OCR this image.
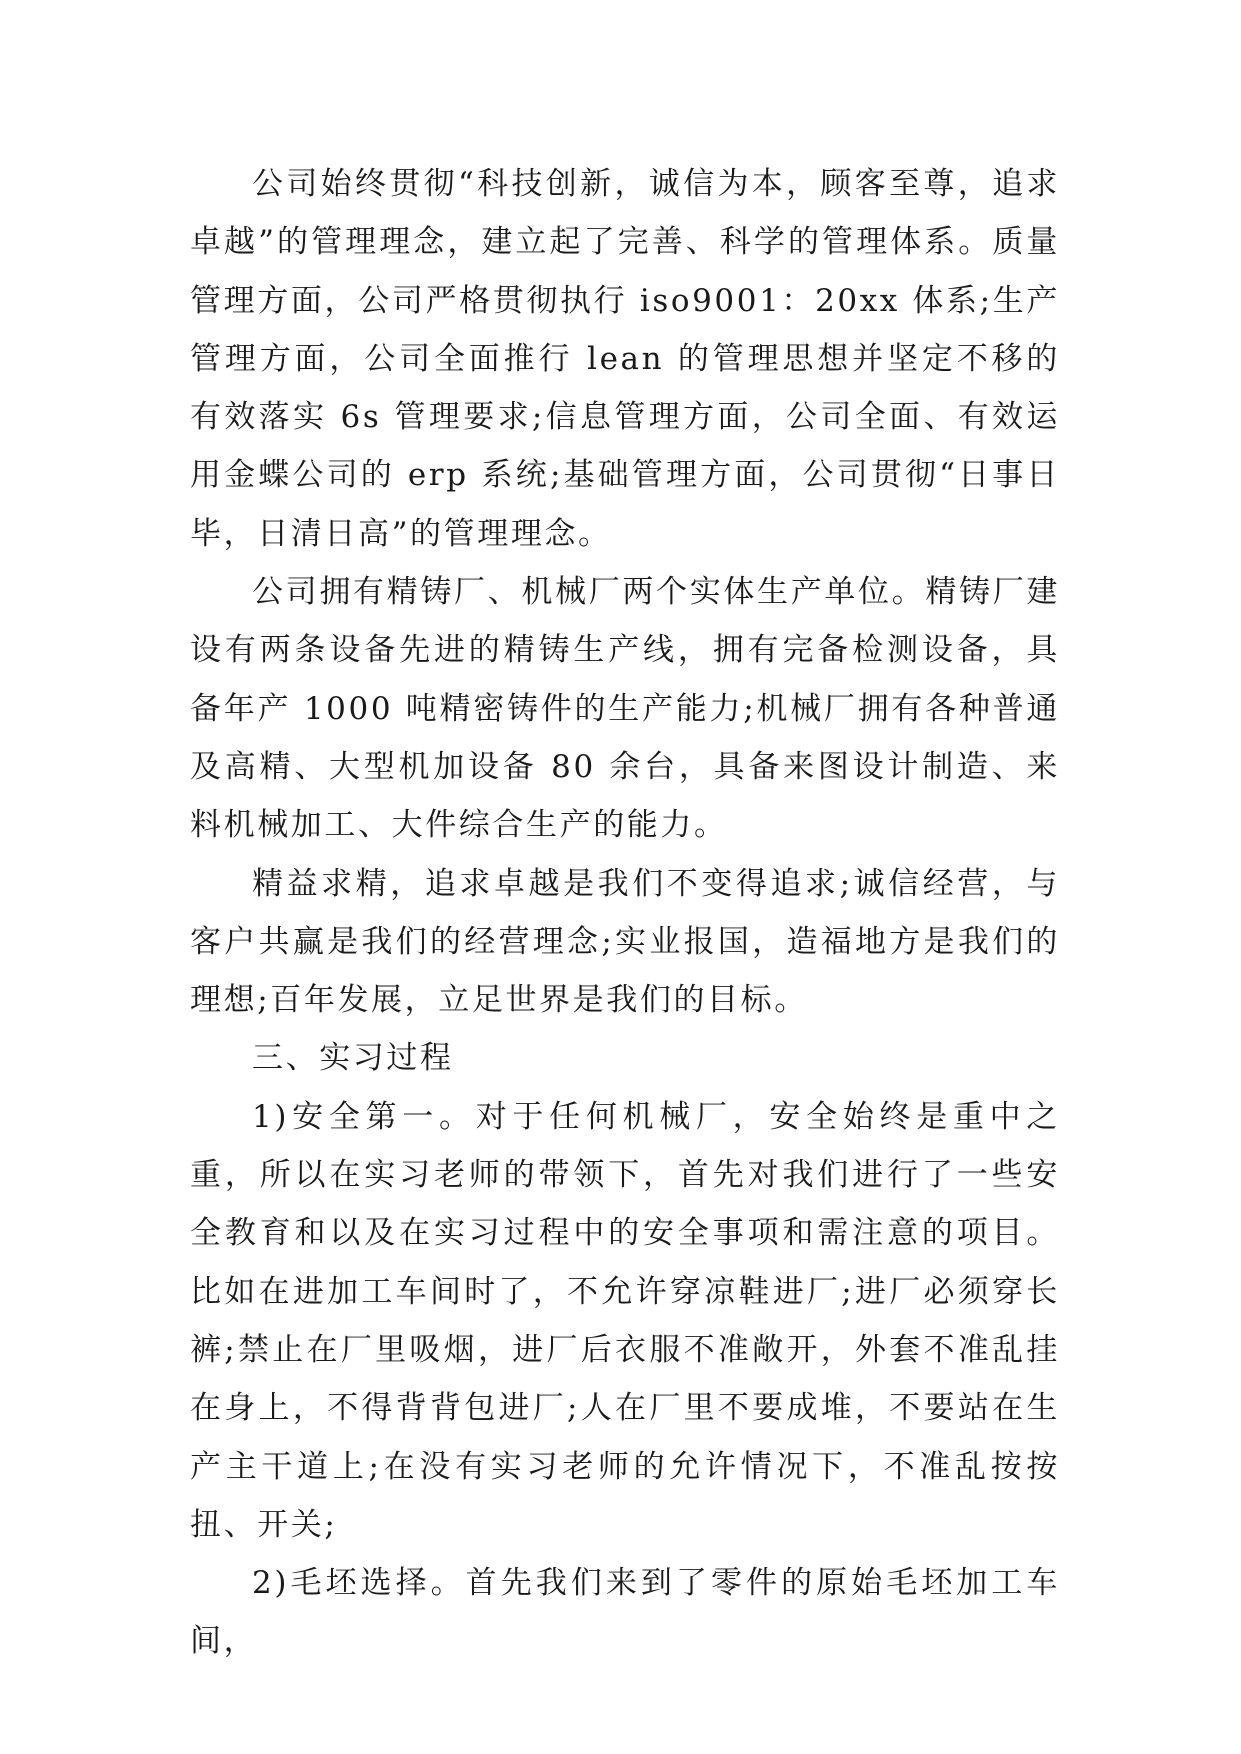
公司始终贯彻“科技创新，诚信为本，顾客至尊，追求卓越”的管理理念，建立起了完善、科学的管理体系。质量管理方面，公司严格贯彻执行 iso9001：20xx 体系;生产管理方面，公司全面推行 lean 的管理思想并坚定不移的有效落实 6s 管理要求;信息管理方面，公司全面、有效运用金蝶公司的 erp 系统;基础管理方面，公司贯彻“日事日毕，日清日高”的管理理念。

公司拥有精铸厂、机械厂两个实体生产单位。精铸厂建设有两条设备先进的精铸生产线，拥有完备检测设备，具备年产 1000 吨精密铸件的生产能力;机械厂拥有各种普通及高精、大型机加设备 80 余台，具备来图设计制造、来料机械加工、大件综合生产的能力。

精益求精，追求卓越是我们不变得追求;诚信经营，与客户共赢是我们的经营理念;实业报国，造福地方是我们的理想;百年发展，立足世界是我们的目标。

三、实习过程

1)安全第一。对于任何机械厂，安全始终是重中之重，所以在实习老师的带领下，首先对我们进行了一些安全教育和以及在实习过程中的安全事项和需注意的项目。比如在进加工车间时了，不允许穿凉鞋进厂;进厂必须穿长裤;禁止在厂里吸烟，进厂后衣服不准敞开，外套不准乱挂在身上，不得背背包进厂;人在厂里不要成堆，不要站在生产主干道上;在没有实习老师的允许情况下，不准乱按按扭、开关;

2)毛坯选择。首先我们来到了零件的原始毛坯加工车间，
